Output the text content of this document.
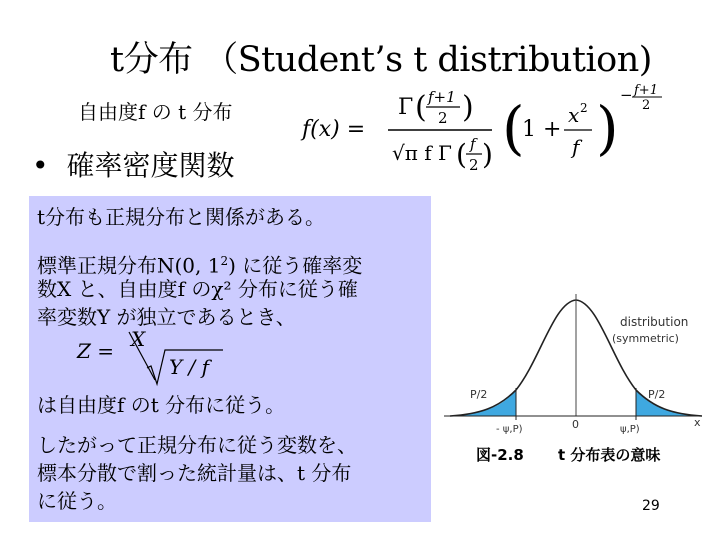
t分布 （Student’s t distribution)
自由度f の t 分布
• 確率密度関数
f(x) =
Γ ( f+1
2 )
√π f Γ ( f
2 ) (
1 +
x 2
f ) − f+1
2

t分布も正規分布と関係がある。

標準正規分布N(0, $1^2$) に従う確率変

数X と、自由度f のχ² 分布に従う確

率変数Y が独立であるとき、

Z = X
Y / f

は自由度f のt 分布に従う。

したがって正規分布に従う変数を、

標本分散で割った統計量は、t 分布

に従う。

distribution
(symmetric)
P/2	P/2
0	x
- ψ,P)	ψ,P)
図-2.8 t 分布表の意味
29
